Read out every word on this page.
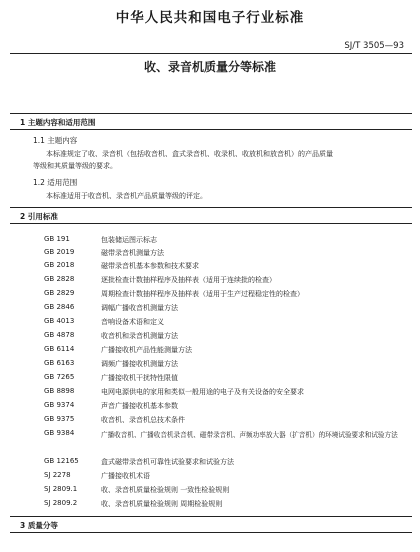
中华人民共和国电子行业标准
SJ/T 3505—93
收、录音机质量分等标准
1 主题内容和适用范围
1.1 主题内容
本标准规定了收、录音机（包括收音机、盒式录音机、收录机、收放机和放音机）的产品质量
等级和其质量等级的要求。
1.2 适用范围
本标准适用于收音机、录音机产品质量等级的评定。
2 引用标准
GB 191	包装储运图示标志
GB 2019	磁带录音机测量方法
GB 2018	磁带录音机基本参数和技术要求
GB 2828	逐批检查计数抽样程序及抽样表（适用于连续批的检查）
GB 2829	周期检查计数抽样程序及抽样表（适用于生产过程稳定性的检查）
GB 2846	调幅广播收音机测量方法
GB 4013	音响设备术语和定义
GB 4878	收音机和录音机测量方法
GB 6114	广播接收机产品性能测量方法
GB 6163	调频广播接收机测量方法
GB 7265	广播接收机干扰特性限值
GB 8898	电网电源供电的家用和类似一般用途的电子及有关设备的安全要求
GB 9374	声音广播接收机基本参数
GB 9375	收音机、录音机总技术条件
GB 9384	广播收音机、广播收音机录音机、磁带录音机、声频功率放大器（扩音机）的环境试验要求和试验方法
GB 12165	盒式磁带录音机可靠性试验要求和试验方法
SJ 2278	广播接收机术语
SJ 2809.1	收、录音机质量检验规则 一致性检验规则
SJ 2809.2	收、录音机质量检验规则 周期检验规则
3 质量分等
